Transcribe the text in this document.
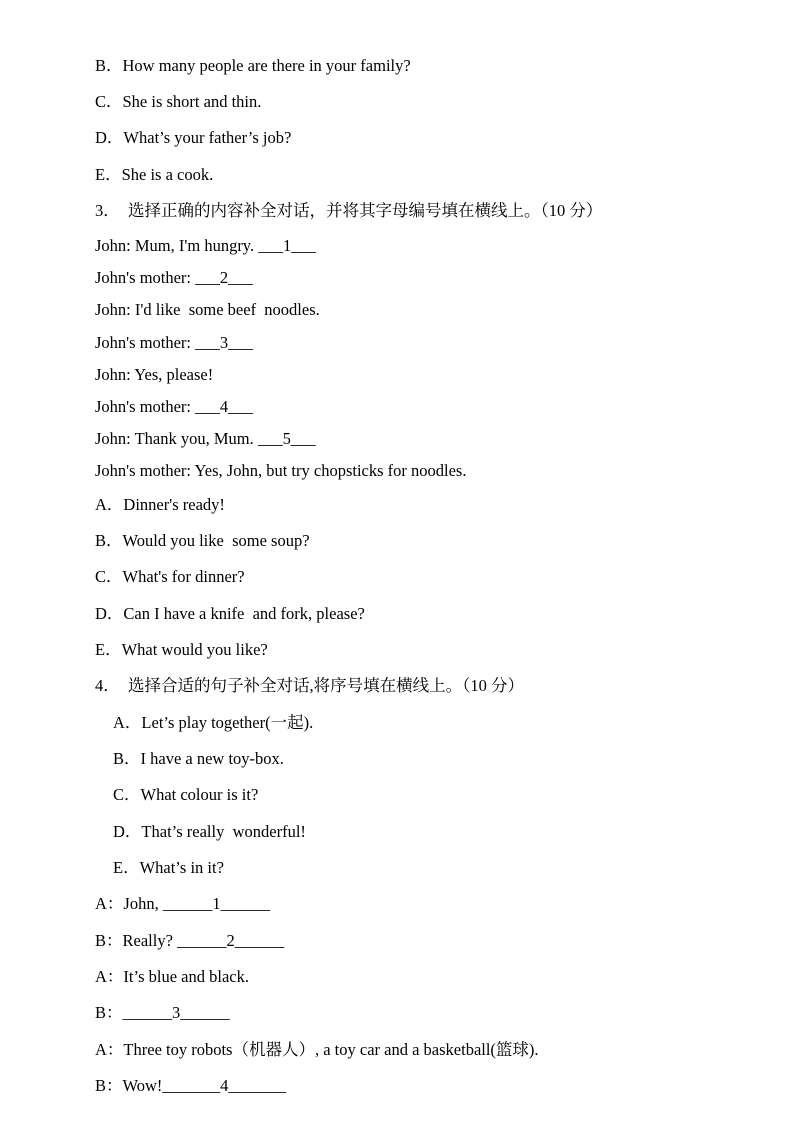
B．How many people are there in your family?
C．She is short and thin.
D．What’s your father’s job?
E．She is a cook.
3．  选择正确的内容补全对话，并将其字母编号填在横线上。（10 分）
John: Mum, I'm hungry. ___1___
John's mother: ___2___
John: I'd like  some beef  noodles.
John's mother: ___3___
John: Yes, please!
John's mother: ___4___
John: Thank you, Mum. ___5___
John's mother: Yes, John, but try chopsticks for noodles.
A．Dinner's ready!
B．Would you like  some soup?
C．What's for dinner?
D．Can I have a knife  and fork, please?
E．What would you like?
4．  选择合适的句子补全对话,将序号填在横线上。（10 分）
A．Let’s play together(一起).
B．I have a new toy-box.
C．What colour is it?
D．That’s really  wonderful!
E．What’s in it?
A：John, ______1______
B：Really? ______2______
A：It’s blue and black.
B：______3______
A：Three toy robots（机器人）, a toy car and a basketball(篮球).
B：Wow!_______4_______
